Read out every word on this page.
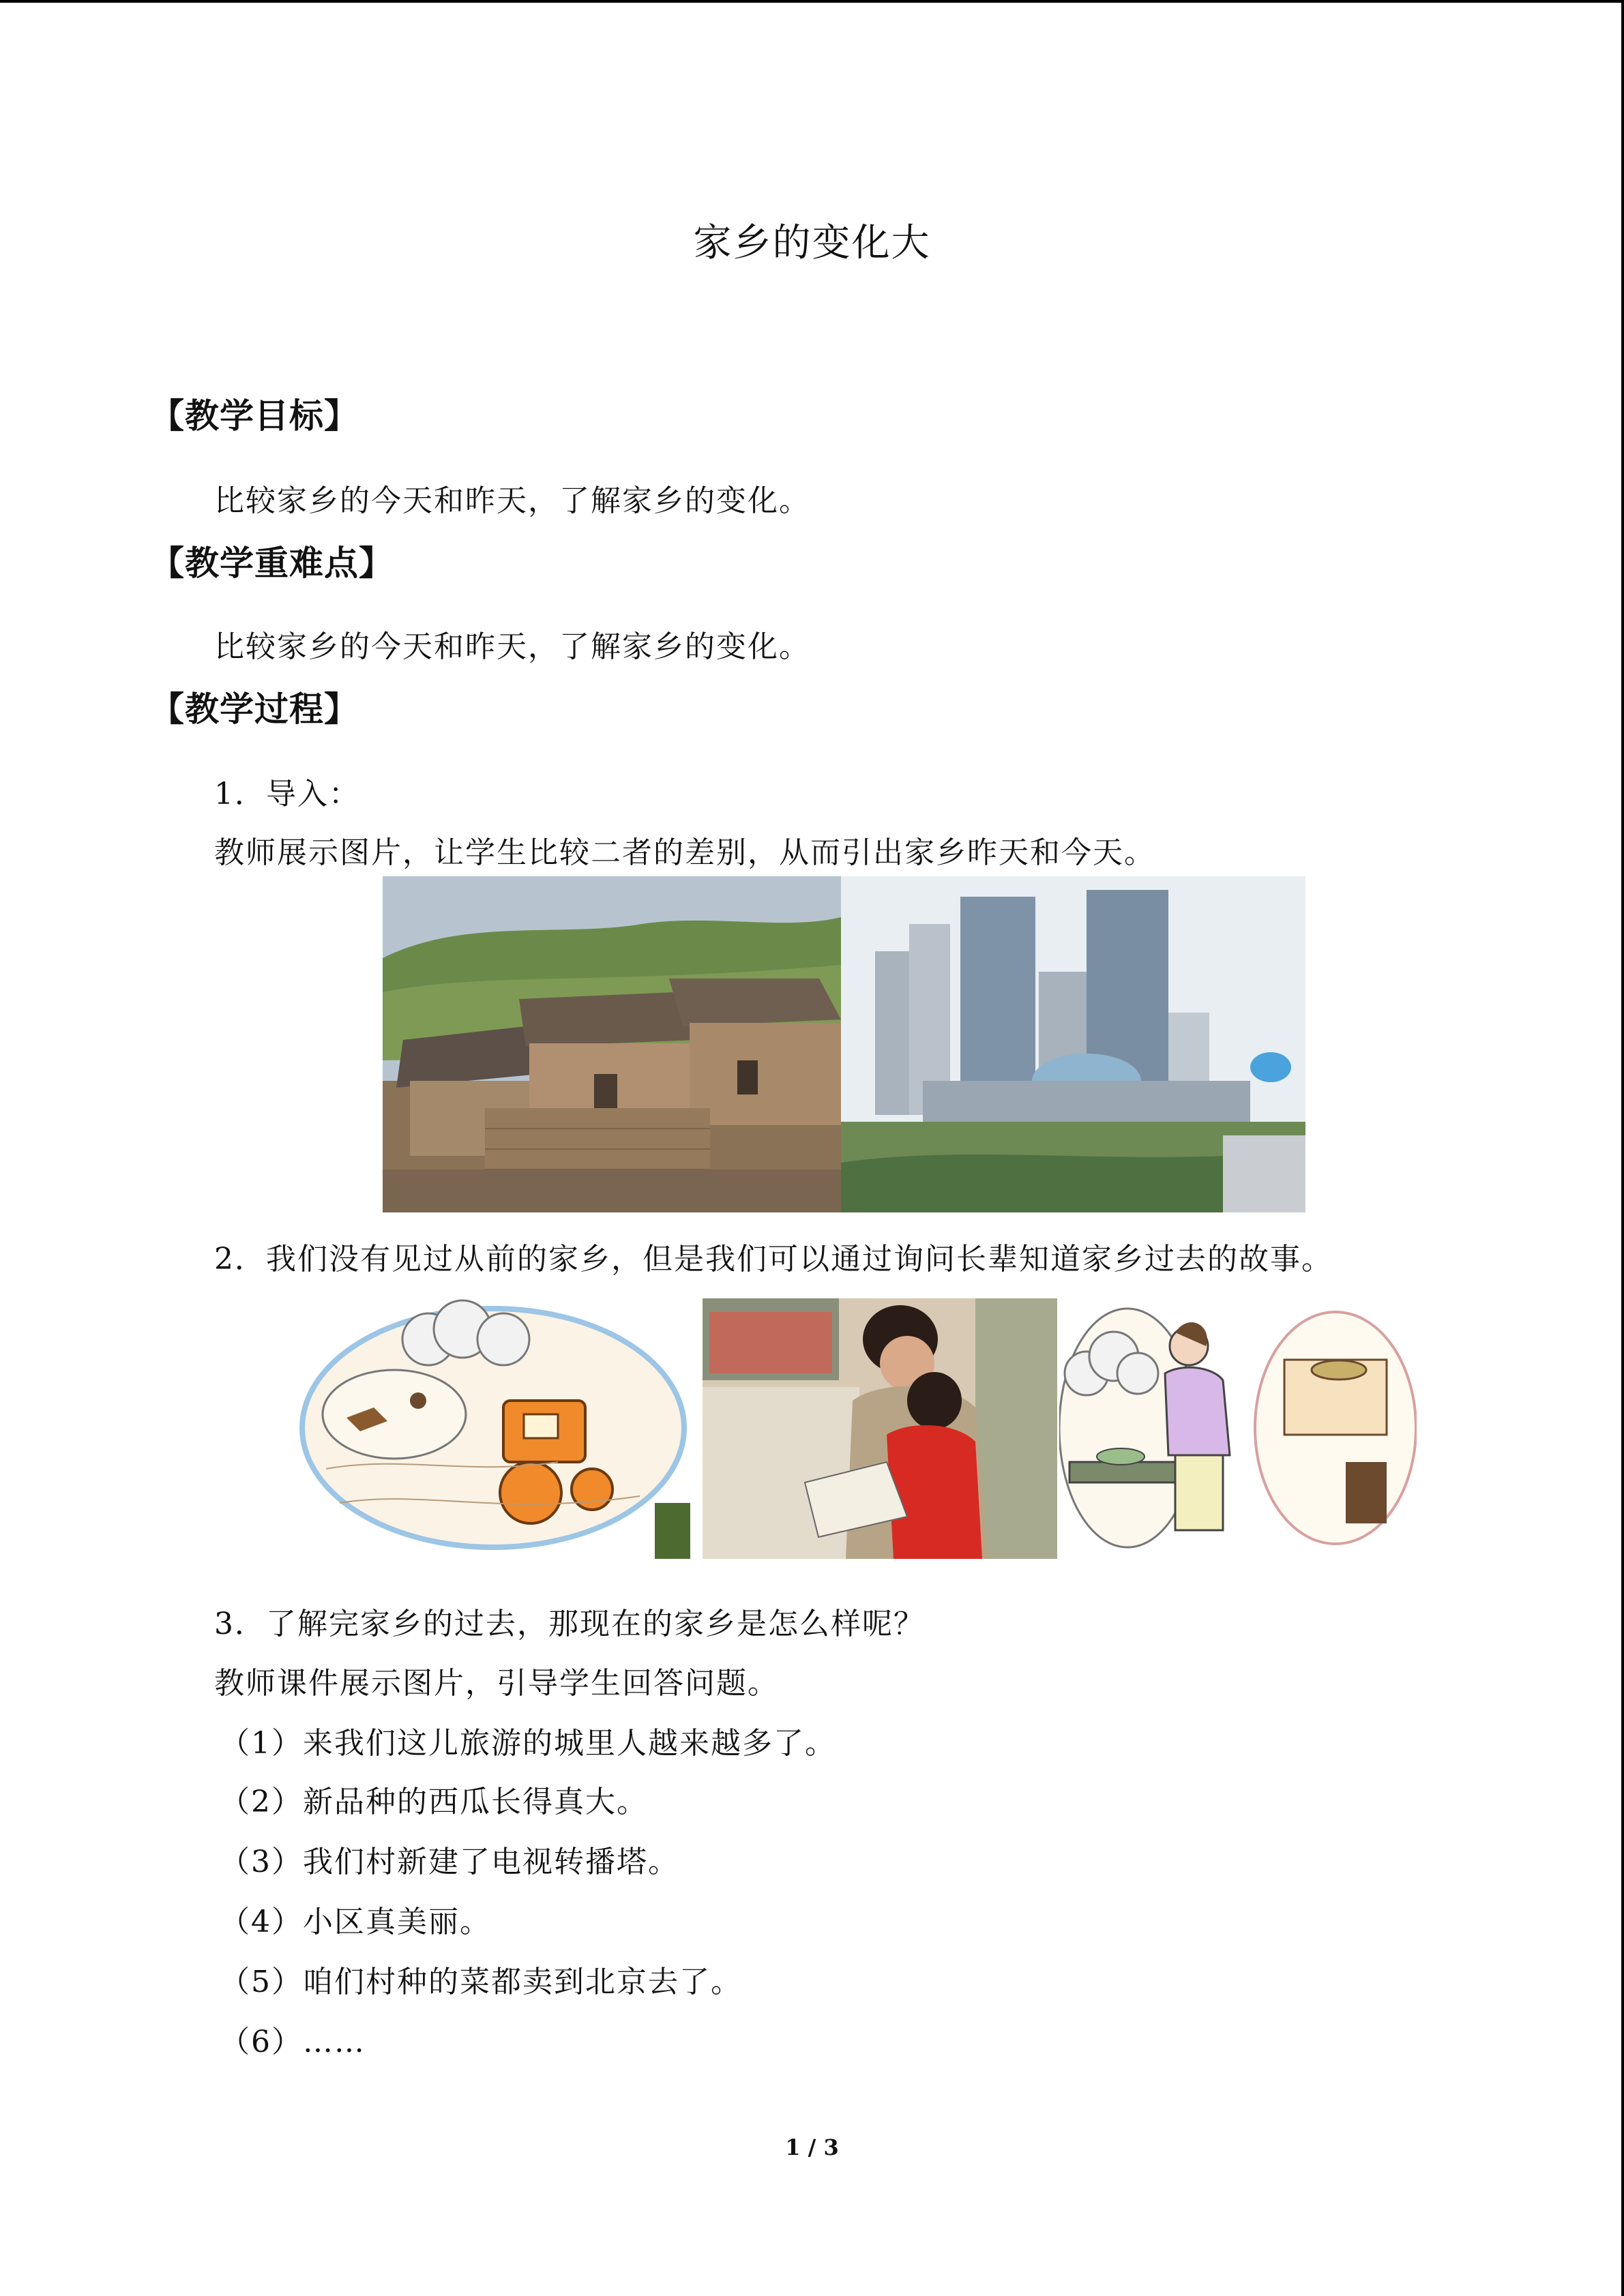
家乡的变化大
【教学目标】
比较家乡的今天和昨天，了解家乡的变化。
【教学重难点】
比较家乡的今天和昨天，了解家乡的变化。
【教学过程】
1．导入：
教师展示图片，让学生比较二者的差别，从而引出家乡昨天和今天。
2．我们没有见过从前的家乡，但是我们可以通过询问长辈知道家乡过去的故事。
3．了解完家乡的过去，那现在的家乡是怎么样呢？
教师课件展示图片，引导学生回答问题。
（1）来我们这儿旅游的城里人越来越多了。
（2）新品种的西瓜长得真大。
（3）我们村新建了电视转播塔。
（4）小区真美丽。
（5）咱们村种的菜都卖到北京去了。
（6）……
1 / 3
